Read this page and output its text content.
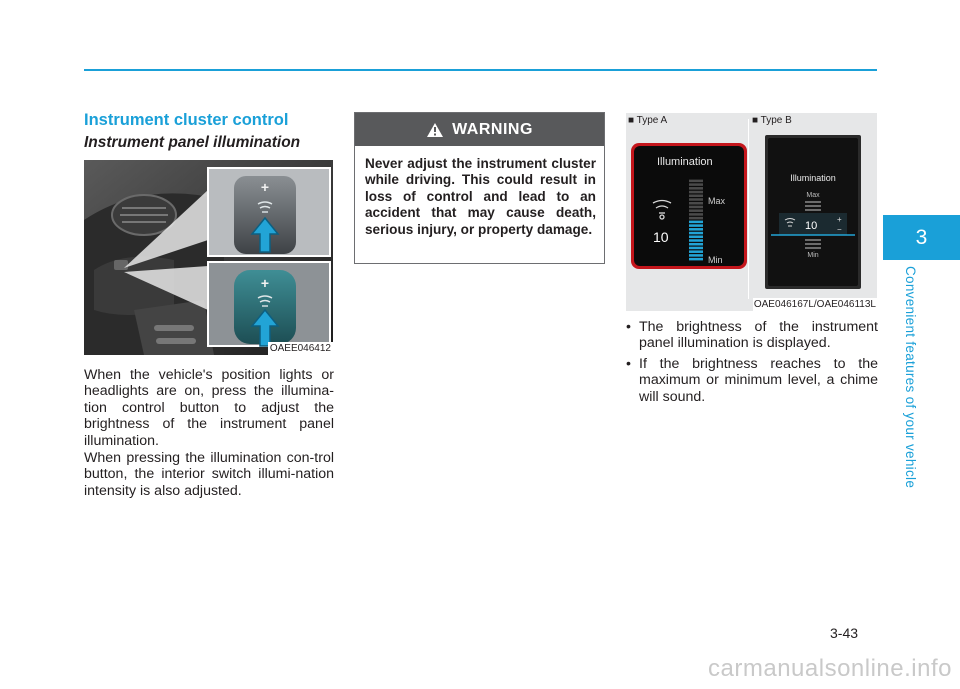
Instrument cluster control
Instrument panel illumination
+
+
OAEE046412

When the vehicle's position lights or headlights are on, press the illumina-tion control button to adjust the brightness of the instrument panel illumination.

When pressing the illumination con-trol button, the interior switch illumi-nation intensity is also adjusted.

WARNING

Never adjust the instrument cluster while driving. This could result in loss of control and lead to an accident that may cause death, serious injury, or property damage.

■ Type A	■ Type B
Illumination
10
Max
Min
Illumination
Max
10
+
−
Min
OAE046167L/OAE046113L
• The brightness of the instrument panel illumination is displayed.
• If the brightness reaches to the maximum or minimum level, a chime will sound.
3
Convenient features of your vehicle
3-43
carmanualsonline.info
